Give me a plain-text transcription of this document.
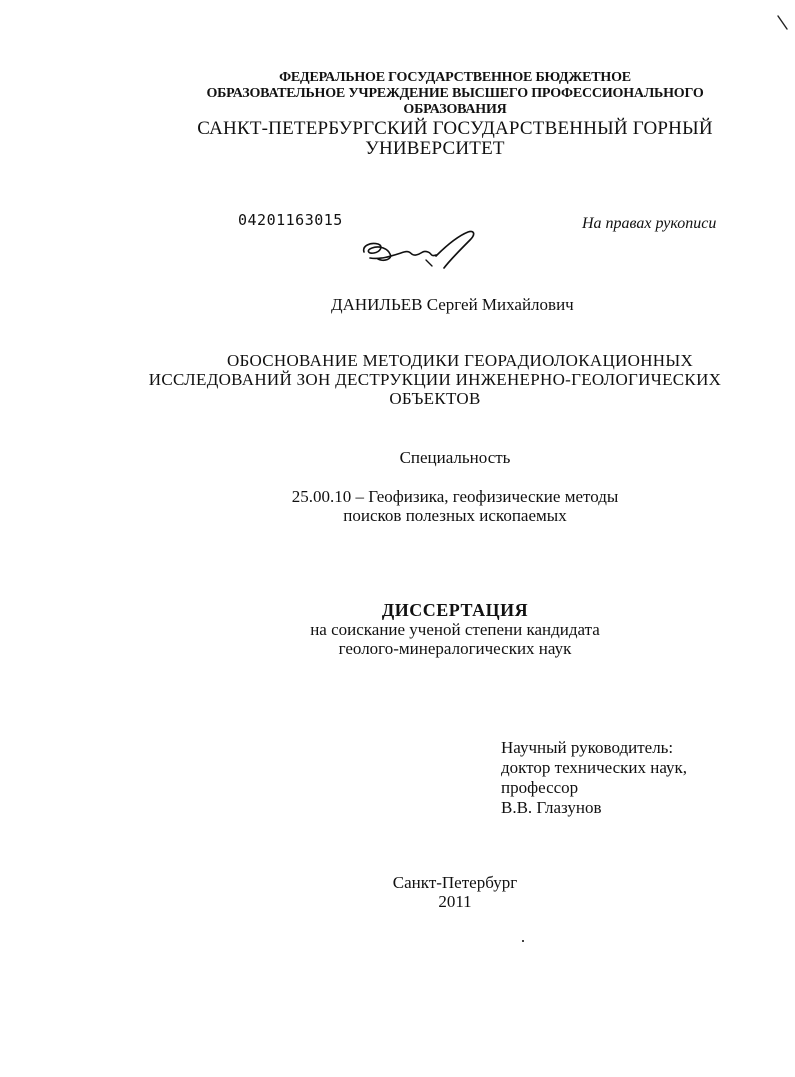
ФЕДЕРАЛЬНОЕ ГОСУДАРСТВЕННОЕ БЮДЖЕТНОЕ
ОБРАЗОВАТЕЛЬНОЕ УЧРЕЖДЕНИЕ ВЫСШЕГО ПРОФЕССИОНАЛЬНОГО
ОБРАЗОВАНИЯ
САНКТ-ПЕТЕРБУРГСКИЙ ГОСУДАРСТВЕННЫЙ ГОРНЫЙ
УНИВЕРСИТЕТ
04201163015	На правах рукописи
ДАНИЛЬЕВ Сергей Михайлович
ОБОСНОВАНИЕ МЕТОДИКИ ГЕОРАДИОЛОКАЦИОННЫХ
ИССЛЕДОВАНИЙ ЗОН ДЕСТРУКЦИИ ИНЖЕНЕРНО-ГЕОЛОГИЧЕСКИХ
ОБЪЕКТОВ
Специальность
25.00.10 – Геофизика, геофизические методы
поисков полезных ископаемых
ДИССЕРТАЦИЯ
на соискание ученой степени кандидата
геолого-минералогических наук
Научный руководитель:
доктор технических наук,
профессор
В.В. Глазунов
Санкт-Петербург
2011
